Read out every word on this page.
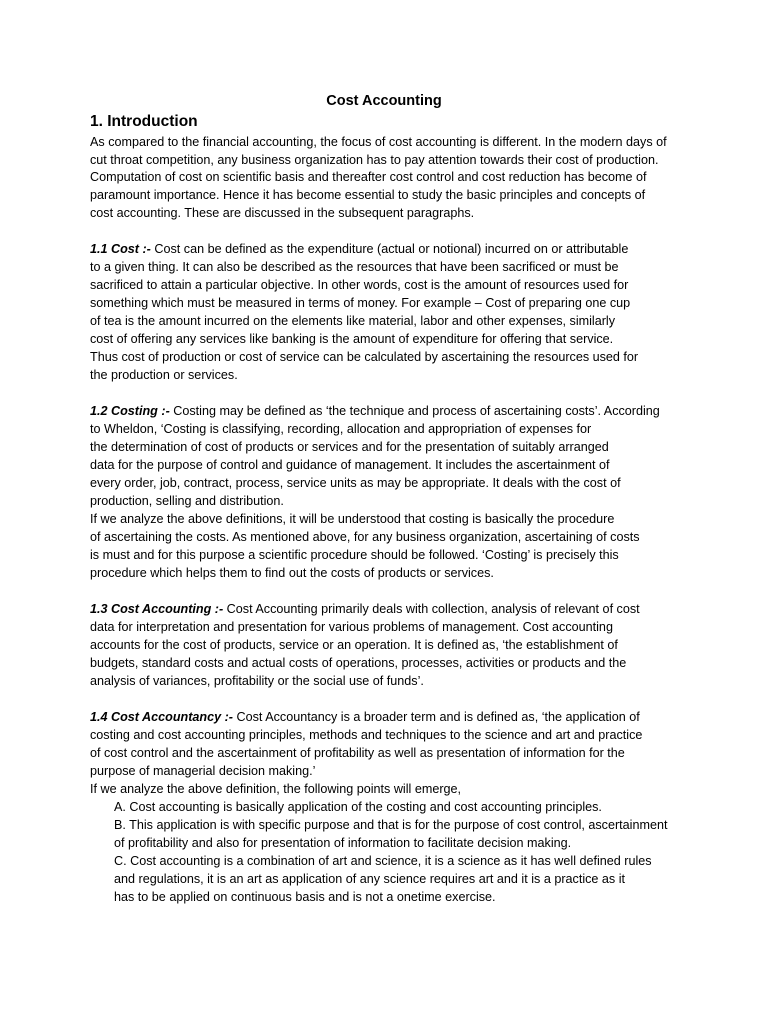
Cost Accounting
1. Introduction
As compared to the financial accounting, the focus of cost accounting is different. In the modern days of
cut throat competition, any business organization has to pay attention towards their cost of production.
Computation of cost on scientific basis and thereafter cost control and cost reduction has become of
paramount importance. Hence it has become essential to study the basic principles and concepts of
cost accounting. These are discussed in the subsequent paragraphs.
1.1 Cost :- Cost can be defined as the expenditure (actual or notional) incurred on or attributable
to a given thing. It can also be described as the resources that have been sacrificed or must be
sacrificed to attain a particular objective. In other words, cost is the amount of resources used for
something which must be measured in terms of money. For example – Cost of preparing one cup
of tea is the amount incurred on the elements like material, labor and other expenses, similarly
cost of offering any services like banking is the amount of expenditure for offering that service.
Thus cost of production or cost of service can be calculated by ascertaining the resources used for
the production or services.
1.2 Costing :- Costing may be defined as ‘the technique and process of ascertaining costs’. According
to Wheldon, ‘Costing is classifying, recording, allocation and appropriation of expenses for
the determination of cost of products or services and for the presentation of suitably arranged
data for the purpose of control and guidance of management. It includes the ascertainment of
every order, job, contract, process, service units as may be appropriate. It deals with the cost of
production, selling and distribution.
If we analyze the above definitions, it will be understood that costing is basically the procedure
of ascertaining the costs. As mentioned above, for any business organization, ascertaining of costs
is must and for this purpose a scientific procedure should be followed. ‘Costing’ is precisely this
procedure which helps them to find out the costs of products or services.
1.3 Cost Accounting :- Cost Accounting primarily deals with collection, analysis of relevant of cost
data for interpretation and presentation for various problems of management. Cost accounting
accounts for the cost of products, service or an operation. It is defined as, ‘the establishment of
budgets, standard costs and actual costs of operations, processes, activities or products and the
analysis of variances, profitability or the social use of funds’.
1.4 Cost Accountancy :- Cost Accountancy is a broader term and is defined as, ‘the application of
costing and cost accounting principles, methods and techniques to the science and art and practice
of cost control and the ascertainment of profitability as well as presentation of information for the
purpose of managerial decision making.’
If we analyze the above definition, the following points will emerge,
A. Cost accounting is basically application of the costing and cost accounting principles.
B. This application is with specific purpose and that is for the purpose of cost control, ascertainment
of profitability and also for presentation of information to facilitate decision making.
C. Cost accounting is a combination of art and science, it is a science as it has well defined rules
and regulations, it is an art as application of any science requires art and it is a practice as it
has to be applied on continuous basis and is not a onetime exercise.
